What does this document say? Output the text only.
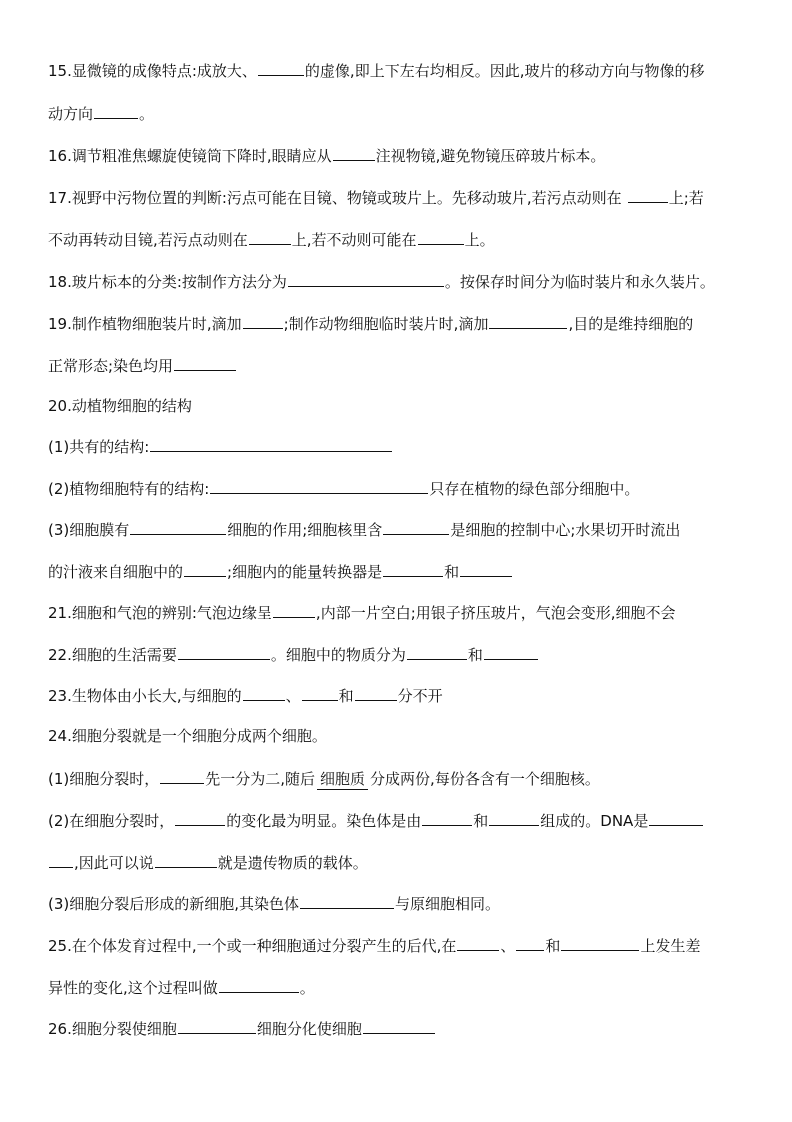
15.显微镜的成像特点:成放大、	的虚像,即上下左右均相反。因此,玻片的移动方向与物像的移
动方向	。
16.调节粗准焦螺旋使镜筒下降时,眼睛应从	注视物镜,避免物镜压碎玻片标本。
17.视野中污物位置的判断:污点可能在目镜、物镜或玻片上。先移动玻片,若污点动则在	上;若
不动再转动目镜,若污点动则在	上,若不动则可能在	上。
18.玻片标本的分类:按制作方法分为	。按保存时间分为临时装片和永久装片。
19.制作植物细胞装片时,滴加	;制作动物细胞临时装片时,滴加	,目的是维持细胞的
正常形态;染色均用
20.动植物细胞的结构
(1)共有的结构:
(2)植物细胞特有的结构:	只存在植物的绿色部分细胞中。
(3)细胞膜有	细胞的作用;细胞核里含	是细胞的控制中心;水果切开时流出
的汁液来自细胞中的	;细胞内的能量转换器是	和
21.细胞和气泡的辨别:气泡边缘呈	,内部一片空白;用银子挤压玻片，气泡会变形,细胞不会
22.细胞的生活需要	。细胞中的物质分为	和
23.生物体由小长大,与细胞的	、	和	分不开
24.细胞分裂就是一个细胞分成两个细胞。
(1)细胞分裂时，	先一分为二,随后 细胞质 分成两份,每份各含有一个细胞核。
(2)在细胞分裂时，	的变化最为明显。染色体是由	和	组成的。DNA是
,因此可以说	就是遗传物质的载体。
(3)细胞分裂后形成的新细胞,其染色体	与原细胞相同。
25.在个体发育过程中,一个或一种细胞通过分裂产生的后代,在	、 和	上发生差
异性的变化,这个过程叫做	。
26.细胞分裂使细胞	细胞分化使细胞
